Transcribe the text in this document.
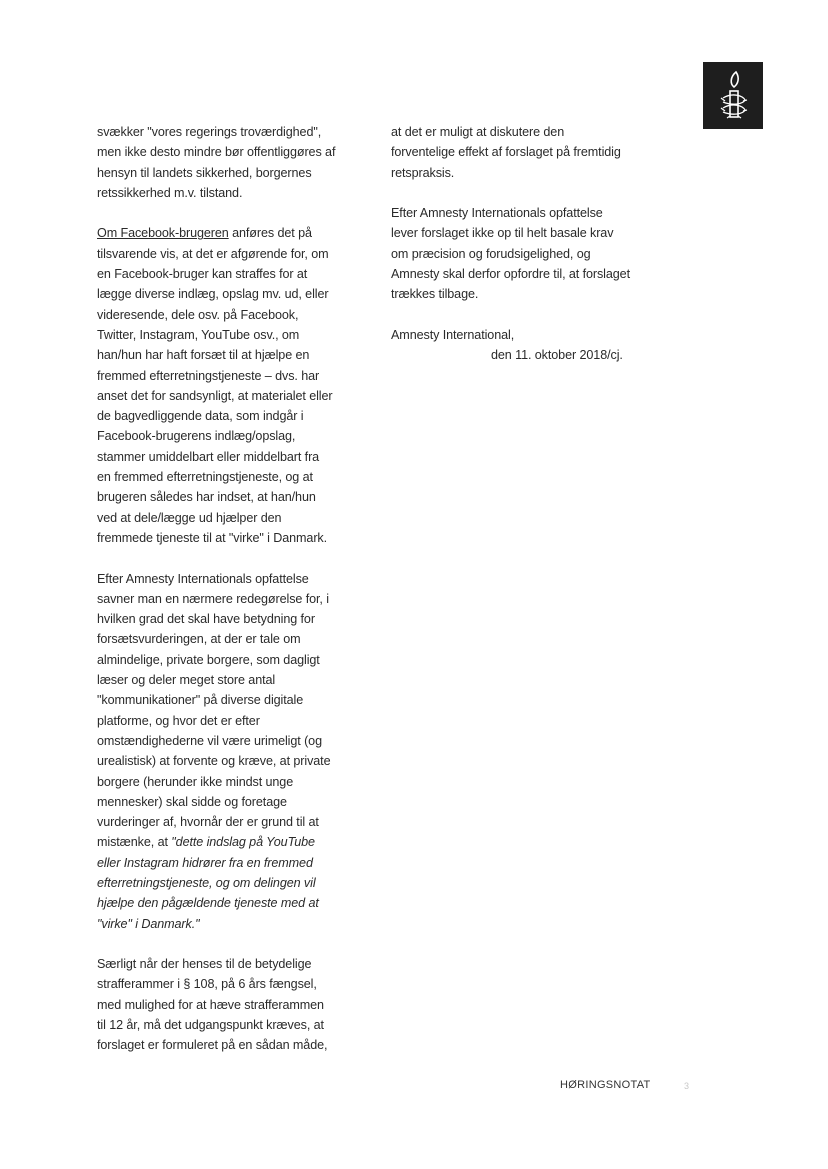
svækker "vores regerings troværdighed",
men ikke desto mindre bør offentliggøres af
hensyn til landets sikkerhed, borgernes
retssikkerhed m.v. tilstand.
Om Facebook-brugeren anføres det på
tilsvarende vis, at det er afgørende for, om
en Facebook-bruger kan straffes for at
lægge diverse indlæg, opslag mv. ud, eller
videresende, dele osv. på Facebook,
Twitter, Instagram, YouTube osv., om
han/hun har haft forsæt til at hjælpe en
fremmed efterretningstjeneste – dvs. har
anset det for sandsynligt, at materialet eller
de bagvedliggende data, som indgår i
Facebook-brugerens indlæg/opslag,
stammer umiddelbart eller middelbart fra
en fremmed efterretningstjeneste, og at
brugeren således har indset, at han/hun
ved at dele/lægge ud hjælper den
fremmede tjeneste til at "virke" i Danmark.
Efter Amnesty Internationals opfattelse
savner man en nærmere redegørelse for, i
hvilken grad det skal have betydning for
forsætsvurderingen, at der er tale om
almindelige, private borgere, som dagligt
læser og deler meget store antal
"kommunikationer" på diverse digitale
platforme, og hvor det er efter
omstændighederne vil være urimeligt (og
urealistisk) at forvente og kræve, at private
borgere (herunder ikke mindst unge
mennesker) skal sidde og foretage
vurderinger af, hvornår der er grund til at
mistænke, at "dette indslag på YouTube
eller Instagram hidrører fra en fremmed
efterretningstjeneste, og om delingen vil
hjælpe den pågældende tjeneste med at
"virke" i Danmark."
Særligt når der henses til de betydelige
strafferammer i § 108, på 6 års fængsel,
med mulighed for at hæve strafferammen
til 12 år, må det udgangspunkt kræves, at
forslaget er formuleret på en sådan måde,
at det er muligt at diskutere den
forventelige effekt af forslaget på fremtidig
retspraksis.
Efter Amnesty Internationals opfattelse
lever forslaget ikke op til helt basale krav
om præcision og forudsigelighed, og
Amnesty skal derfor opfordre til, at forslaget
trækkes tilbage.
Amnesty International,
den 11. oktober 2018/cj.
HØRINGSNOTAT	3
